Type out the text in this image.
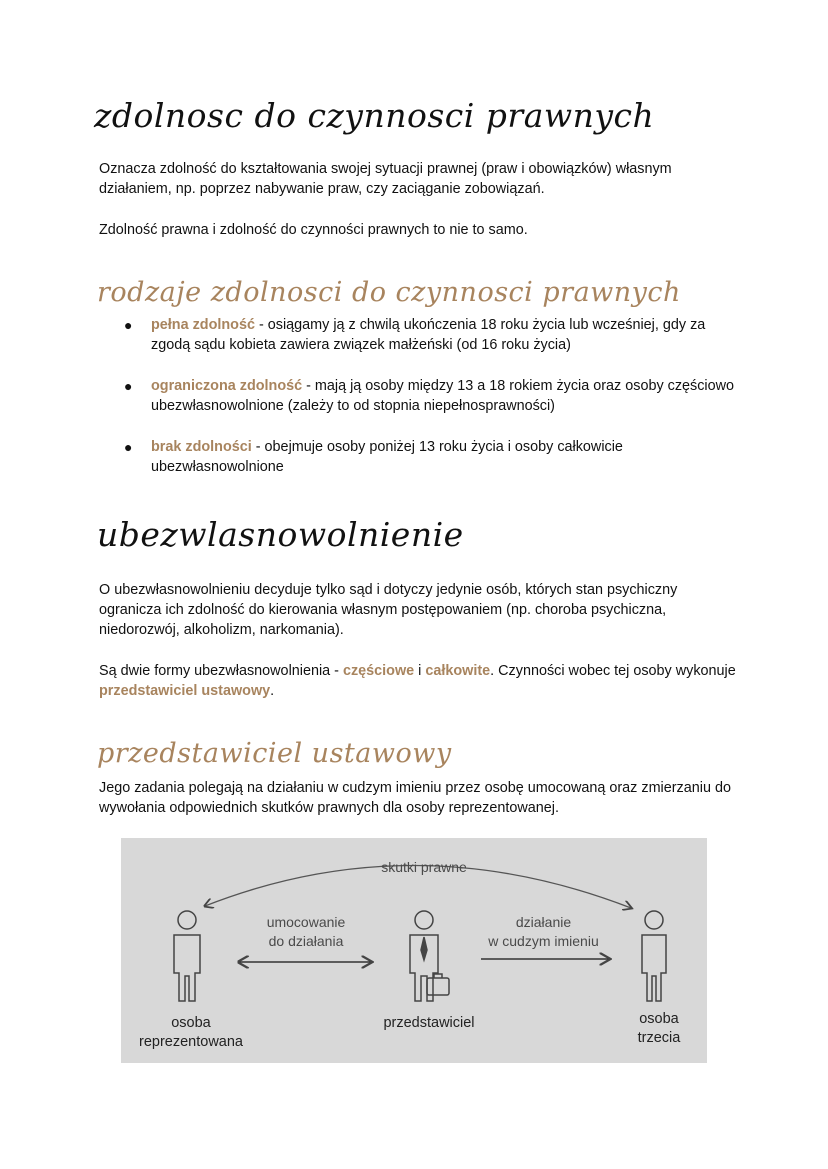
zdolnosc do czynnosci prawnych

Oznacza zdolność do kształtowania swojej sytuacji prawnej (praw i obowiązków) własnym działaniem, np. poprzez nabywanie praw, czy zaciąganie zobowiązań.

Zdolność prawna i zdolność do czynności prawnych to nie to samo.

rodzaje zdolnosci do czynnosci prawnych
● pełna zdolność - osiągamy ją z chwilą ukończenia 18 roku życia lub wcześniej, gdy za zgodą sądu kobieta zawiera związek małżeński (od 16 roku życia)
● ograniczona zdolność - mają ją osoby między 13 a 18 rokiem życia oraz osoby częściowo ubezwłasnowolnione (zależy to od stopnia niepełnosprawności)
● brak zdolności - obejmuje osoby poniżej 13 roku życia i osoby całkowicie ubezwłasnowolnione
ubezwlasnowolnienie

O ubezwłasnowolnieniu decyduje tylko sąd i dotyczy jedynie osób, których stan psychiczny ogranicza ich zdolność do kierowania własnym postępowaniem (np. choroba psychiczna, niedorozwój, alkoholizm, narkomania).

Są dwie formy ubezwłasnowolnienia - częściowe i całkowite. Czynności wobec tej osoby wykonuje przedstawiciel ustawowy.

przedstawiciel ustawowy

Jego zadania polegają na działaniu w cudzym imieniu przez osobę umocowaną oraz zmierzaniu do wywołania odpowiednich skutków prawnych dla osoby reprezentowanej.

skutki prawne
umocowanie
do działania
działanie
w cudzym imieniu
osoba
reprezentowana
przedstawiciel	osoba
trzecia
